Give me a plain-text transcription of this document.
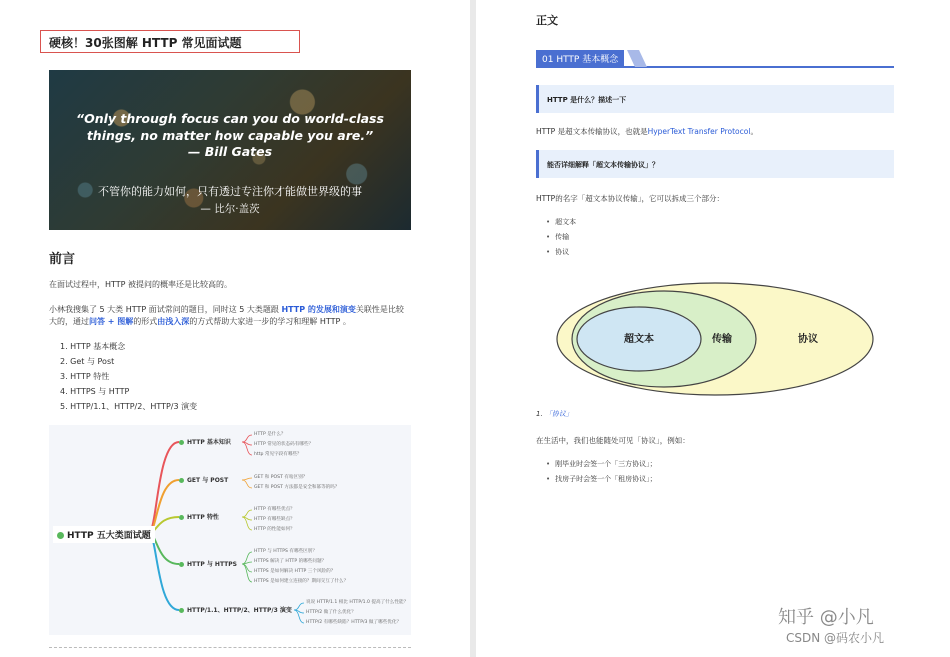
硬核！30张图解 HTTP 常见面试题
“Only through focus can you do world-class
things, no matter how capable you are.”
— Bill Gates
不管你的能力如何，只有透过专注你才能做世界级的事
— 比尔·盖茨
前言
在面试过程中，HTTP 被提问的概率还是比较高的。
小林我搜集了 5 大类 HTTP 面试常问的题目，同时这 5 大类题跟 HTTP 的发展和演变关联性是比较大的，通过问答 + 图解的形式由浅入深的方式帮助大家进一步的学习和理解 HTTP 。
1. HTTP 基本概念
2. Get 与 Post
3. HTTP 特性
4. HTTPS 与 HTTP
5. HTTP/1.1、HTTP/2、HTTP/3 演变
HTTP 五大类面试题
HTTP 基本知识
HTTP 是什么？
HTTP 常见的状态码有哪些？
http 常见字段有哪些？
GET 与 POST	GET 和 POST 有啥区别？
GET 和 POST 方法都是安全和幂等的吗？
HTTP 特性
HTTP 有哪些优点？
HTTP 有哪些缺点？
HTTP 的性能如何？
HTTP 与 HTTPS
HTTP 与 HTTPS 有哪些区别？
HTTPS 解决了 HTTP 的哪些问题？
HTTPS 是如何解决 HTTP 三个风险的？
HTTPS 是如何建立连接的？期间交互了什么？
HTTP/1.1、HTTP/2、HTTP/3 演变
说说 HTTP/1.1 相比 HTTP/1.0 提高了什么性能？
HTTP/2 做了什么优化？
HTTP/2 有哪些缺陷？HTTP/3 做了哪些优化？
正文
01 HTTP 基本概念
HTTP 是什么？描述一下
HTTP 是超文本传输协议，也就是HyperText Transfer Protocol。
能否详细解释「超文本传输协议」？
HTTP的名字「超文本协议传输」，它可以拆成三个部分：
• 超文本
• 传输
• 协议
超文本	传输	协议
1. 「协议」
在生活中，我们也能随处可见「协议」，例如：
• 刚毕业时会签一个「三方协议」；
• 找房子时会签一个「租房协议」；
知乎 @小凡
CSDN @码农小凡
